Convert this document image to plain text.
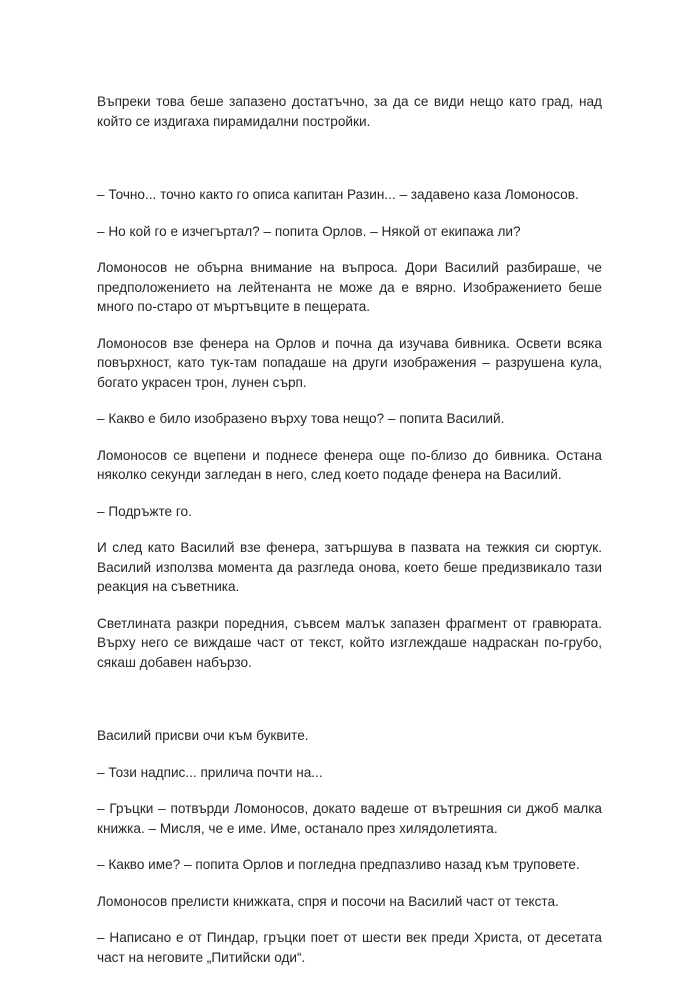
Въпреки това беше запазено достатъчно, за да се види нещо като град, над който се издигаха пирамидални постройки.

– Точно... точно както го описа капитан Разин... – задавено каза Ломоносов.

– Но кой го е изчегъртал? – попита Орлов. – Някой от екипажа ли?

Ломоносов не обърна внимание на въпроса. Дори Василий разбираше, че предположението на лейтенанта не може да е вярно. Изображението беше много по-старо от мъртъвците в пещерата.

Ломоносов взе фенера на Орлов и почна да изучава бивника. Освети всяка повърхност, като тук-там попадаше на други изображения – разрушена кула, богато украсен трон, лунен сърп.

– Какво е било изобразено върху това нещо? – попита Василий.

Ломоносов се вцепени и поднесе фенера още по-близо до бивника. Остана няколко секунди загледан в него, след което подаде фенера на Василий.

– Подръжте го.

И след като Василий взе фенера, затършува в пазвата на тежкия си сюртук. Василий използва момента да разгледа онова, което беше предизвикало тази реакция на съветника.

Светлината разкри поредния, съвсем малък запазен фрагмент от гравюрата. Върху него се виждаше част от текст, който изглеждаше надраскан по-грубо, сякаш добавен набързо.

Василий присви очи към буквите.

– Този надпис... прилича почти на...

– Гръцки – потвърди Ломоносов, докато вадеше от вътрешния си джоб малка книжка. – Мисля, че е име. Име, останало през хилядолетията.

– Какво име? – попита Орлов и погледна предпазливо назад към труповете.

Ломоносов прелисти книжката, спря и посочи на Василий част от текста.

– Написано е от Пиндар, гръцки поет от шести век преди Христа, от десетата част на неговите „Питийски оди“.
